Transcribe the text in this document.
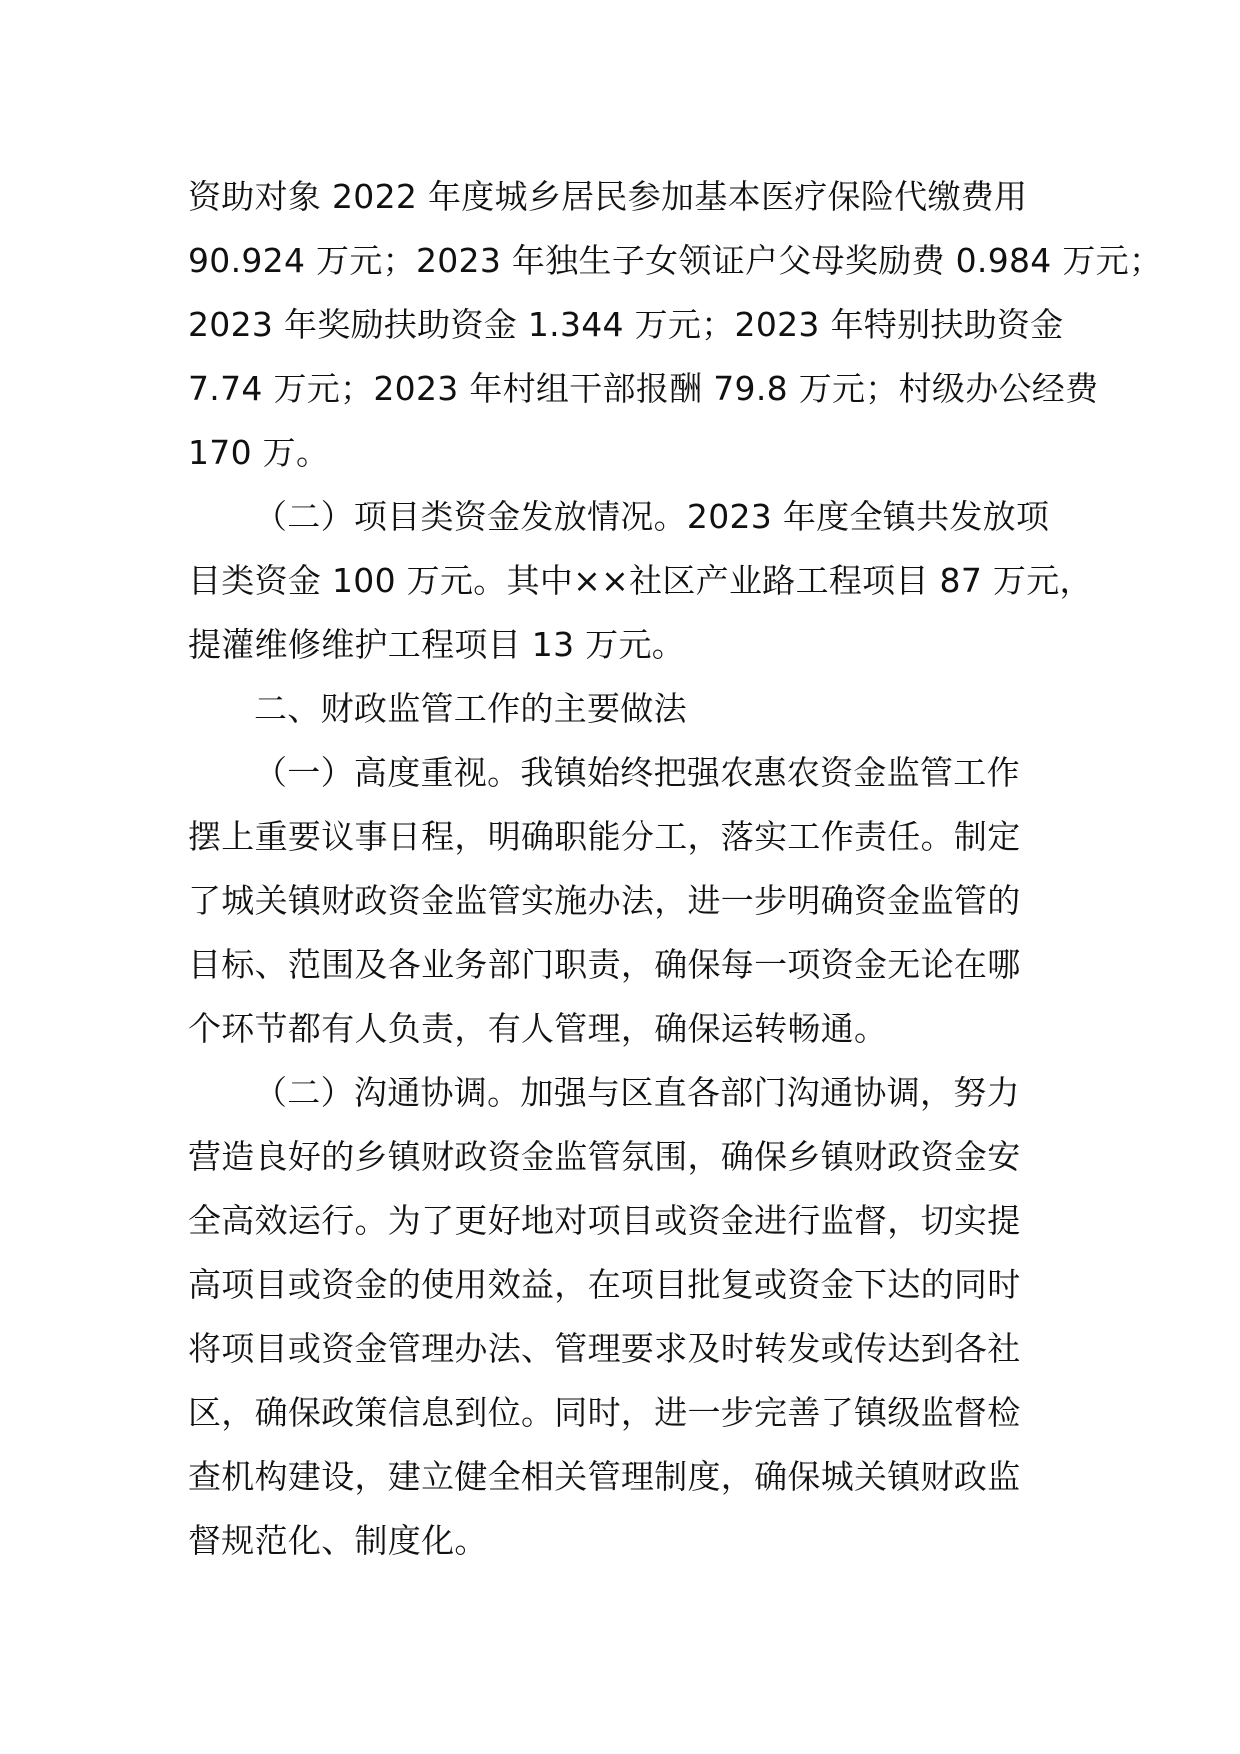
资助对象 2022 年度城乡居民参加基本医疗保险代缴费用
90.924 万元；2023 年独生子女领证户父母奖励费 0.984 万元；
2023 年奖励扶助资金 1.344 万元；2023 年特别扶助资金
7.74 万元；2023 年村组干部报酬 79.8 万元；村级办公经费
170 万。
（二）项目类资金发放情况。2023 年度全镇共发放项
目类资金 100 万元。其中××社区产业路工程项目 87 万元，
提灌维修维护工程项目 13 万元。
二、财政监管工作的主要做法
（一）高度重视。我镇始终把强农惠农资金监管工作
摆上重要议事日程，明确职能分工，落实工作责任。制定
了城关镇财政资金监管实施办法，进一步明确资金监管的
目标、范围及各业务部门职责，确保每一项资金无论在哪
个环节都有人负责，有人管理，确保运转畅通。
（二）沟通协调。加强与区直各部门沟通协调，努力
营造良好的乡镇财政资金监管氛围，确保乡镇财政资金安
全高效运行。为了更好地对项目或资金进行监督，切实提
高项目或资金的使用效益，在项目批复或资金下达的同时
将项目或资金管理办法、管理要求及时转发或传达到各社
区，确保政策信息到位。同时，进一步完善了镇级监督检
查机构建设，建立健全相关管理制度，确保城关镇财政监
督规范化、制度化。
